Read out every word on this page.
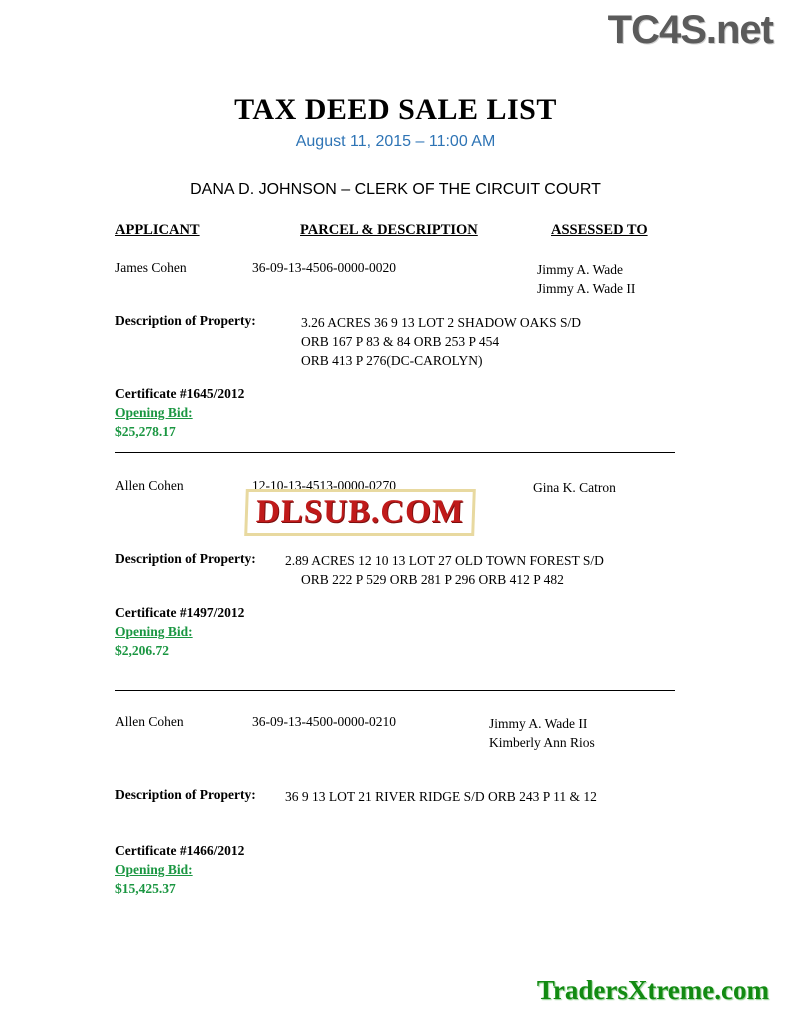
TC4S.net
TAX DEED SALE LIST
August 11, 2015 – 11:00 AM
DANA D. JOHNSON – CLERK OF THE CIRCUIT COURT
APPLICANT	PARCEL & DESCRIPTION	ASSESSED TO
James Cohen	36-09-13-4506-0000-0020	Jimmy A. Wade
Jimmy A. Wade II
Description of Property:	3.26 ACRES 36 9 13 LOT 2 SHADOW OAKS S/D
ORB 167 P 83 & 84 ORB 253 P 454
ORB 413 P 276(DC-CAROLYN)
Certificate #1645/2012
Opening Bid:
$25,278.17
Allen Cohen	12-10-13-4513-0000-0270	Gina K. Catron
Description of Property: 2.89 ACRES 12 10 13 LOT 27 OLD TOWN FOREST S/D
ORB 222 P 529 ORB 281 P 296 ORB 412 P 482
Certificate #1497/2012
Opening Bid:
$2,206.72
Allen Cohen	36-09-13-4500-0000-0210	Jimmy A. Wade II
Kimberly Ann Rios
Description of Property: 36 9 13 LOT 21 RIVER RIDGE S/D ORB 243 P 11 & 12
Certificate #1466/2012
Opening Bid:
$15,425.37
DLSUB.COM
TradersXtreme.com
